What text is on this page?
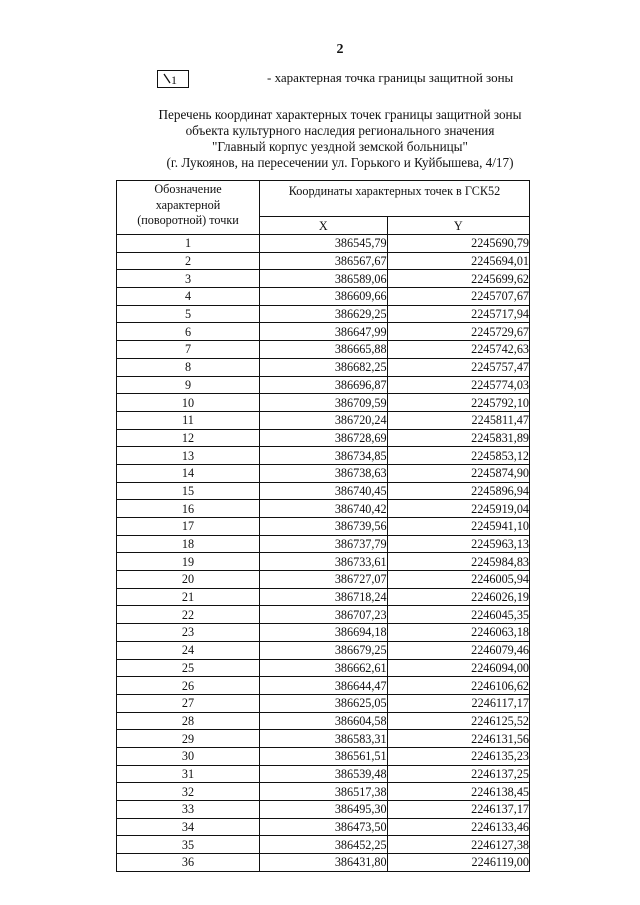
2
1	- характерная точка границы защитной зоны
Перечень координат характерных точек границы защитной зоны
объекта культурного наследия регионального значения
"Главный корпус уездной земской больницы"
(г. Лукоянов, на пересечении ул. Горького и Куйбышева, 4/17)
Обозначение
характерной
(поворотной) точки	Координаты характерных точек в ГСК52	
	X	Y
1	386545,79	2245690,79
2	386567,67	2245694,01
3	386589,06	2245699,62
4	386609,66	2245707,67
5	386629,25	2245717,94
6	386647,99	2245729,67
7	386665,88	2245742,63
8	386682,25	2245757,47
9	386696,87	2245774,03
10	386709,59	2245792,10
11	386720,24	2245811,47
12	386728,69	2245831,89
13	386734,85	2245853,12
14	386738,63	2245874,90
15	386740,45	2245896,94
16	386740,42	2245919,04
17	386739,56	2245941,10
18	386737,79	2245963,13
19	386733,61	2245984,83
20	386727,07	2246005,94
21	386718,24	2246026,19
22	386707,23	2246045,35
23	386694,18	2246063,18
24	386679,25	2246079,46
25	386662,61	2246094,00
26	386644,47	2246106,62
27	386625,05	2246117,17
28	386604,58	2246125,52
29	386583,31	2246131,56
30	386561,51	2246135,23
31	386539,48	2246137,25
32	386517,38	2246138,45
33	386495,30	2246137,17
34	386473,50	2246133,46
35	386452,25	2246127,38
36	386431,80	2246119,00
